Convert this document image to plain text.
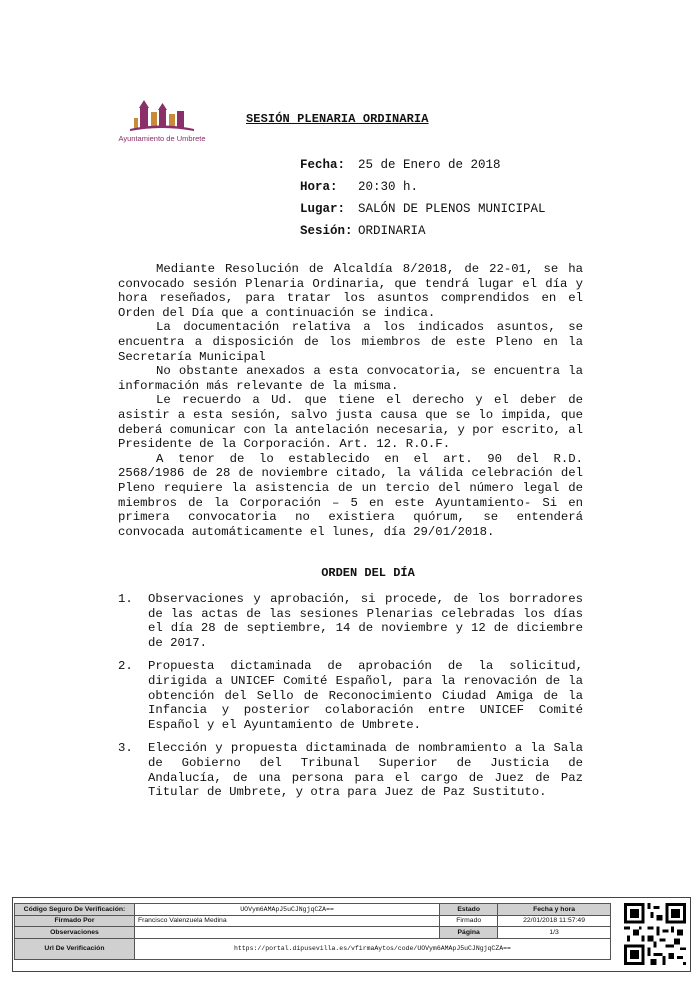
Ayuntamiento de Umbrete
SESIÓN PLENARIA ORDINARIA
Fecha: 25 de Enero de 2018
Hora: 20:30 h.
Lugar: SALÓN DE PLENOS MUNICIPAL
Sesión: ORDINARIA

Mediante Resolución de Alcaldía 8/2018, de 22-01, se ha convocado sesión Plenaria Ordinaria, que tendrá lugar el día y hora reseñados, para tratar los asuntos comprendidos en el Orden del Día que a continuación se indica.

La documentación relativa a los indicados asuntos, se encuentra a disposición de los miembros de este Pleno en la Secretaría Municipal

No obstante anexados a esta convocatoria, se encuentra la información más relevante de la misma.

Le recuerdo a Ud. que tiene el derecho y el deber de asistir a esta sesión, salvo justa causa que se lo impida, que deberá comunicar con la antelación necesaria, y por escrito, al Presidente de la Corporación. Art. 12. R.O.F.

A tenor de lo establecido en el art. 90 del R.D. 2568/1986 de 28 de noviembre citado, la válida celebración del Pleno requiere la asistencia de un tercio del número legal de miembros de la Corporación – 5 en este Ayuntamiento- Si en primera convocatoria no existiera quórum, se entenderá convocada automáticamente el lunes, día 29/01/2018.

ORDEN DEL DÍA
1.	Observaciones y aprobación, si procede, de los borradores de las actas de las sesiones Plenarias celebradas los días el día 28 de septiembre, 14 de noviembre y 12 de diciembre de 2017.
2.	Propuesta dictaminada de aprobación de la solicitud, dirigida a UNICEF Comité Español, para la renovación de la obtención del Sello de Reconocimiento Ciudad Amiga de la Infancia y posterior colaboración entre UNICEF Comité Español y el Ayuntamiento de Umbrete.
3.	Elección y propuesta dictaminada de nombramiento a la Sala de Gobierno del Tribunal Superior de Justicia de Andalucía, de una persona para el cargo de Juez de Paz Titular de Umbrete, y otra para Juez de Paz Sustituto.
Código Seguro De Verificación:	UOVym6AMApJ5uCJNgjqCZA==	Estado	Fecha y hora
Firmado Por	Francisco Valenzuela Medina	Firmado	22/01/2018 11:57:49
Observaciones		Página	1/3
Url De Verificación	https://portal.dipusevilla.es/vfirmaAytos/code/UOVym6AMApJ5uCJNgjqCZA==		
